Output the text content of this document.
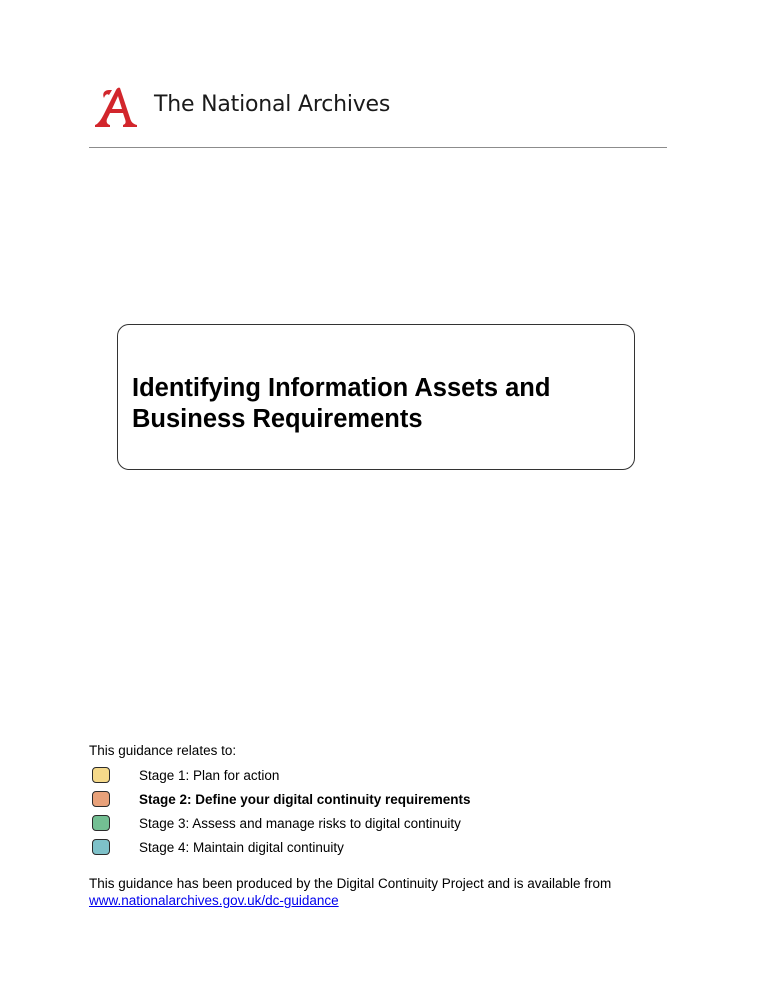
The National Archives
Identifying Information Assets and
Business Requirements
This guidance relates to:
Stage 1: Plan for action
Stage 2: Define your digital continuity requirements
Stage 3: Assess and manage risks to digital continuity
Stage 4: Maintain digital continuity
This guidance has been produced by the Digital Continuity Project and is available from
www.nationalarchives.gov.uk/dc-guidance
